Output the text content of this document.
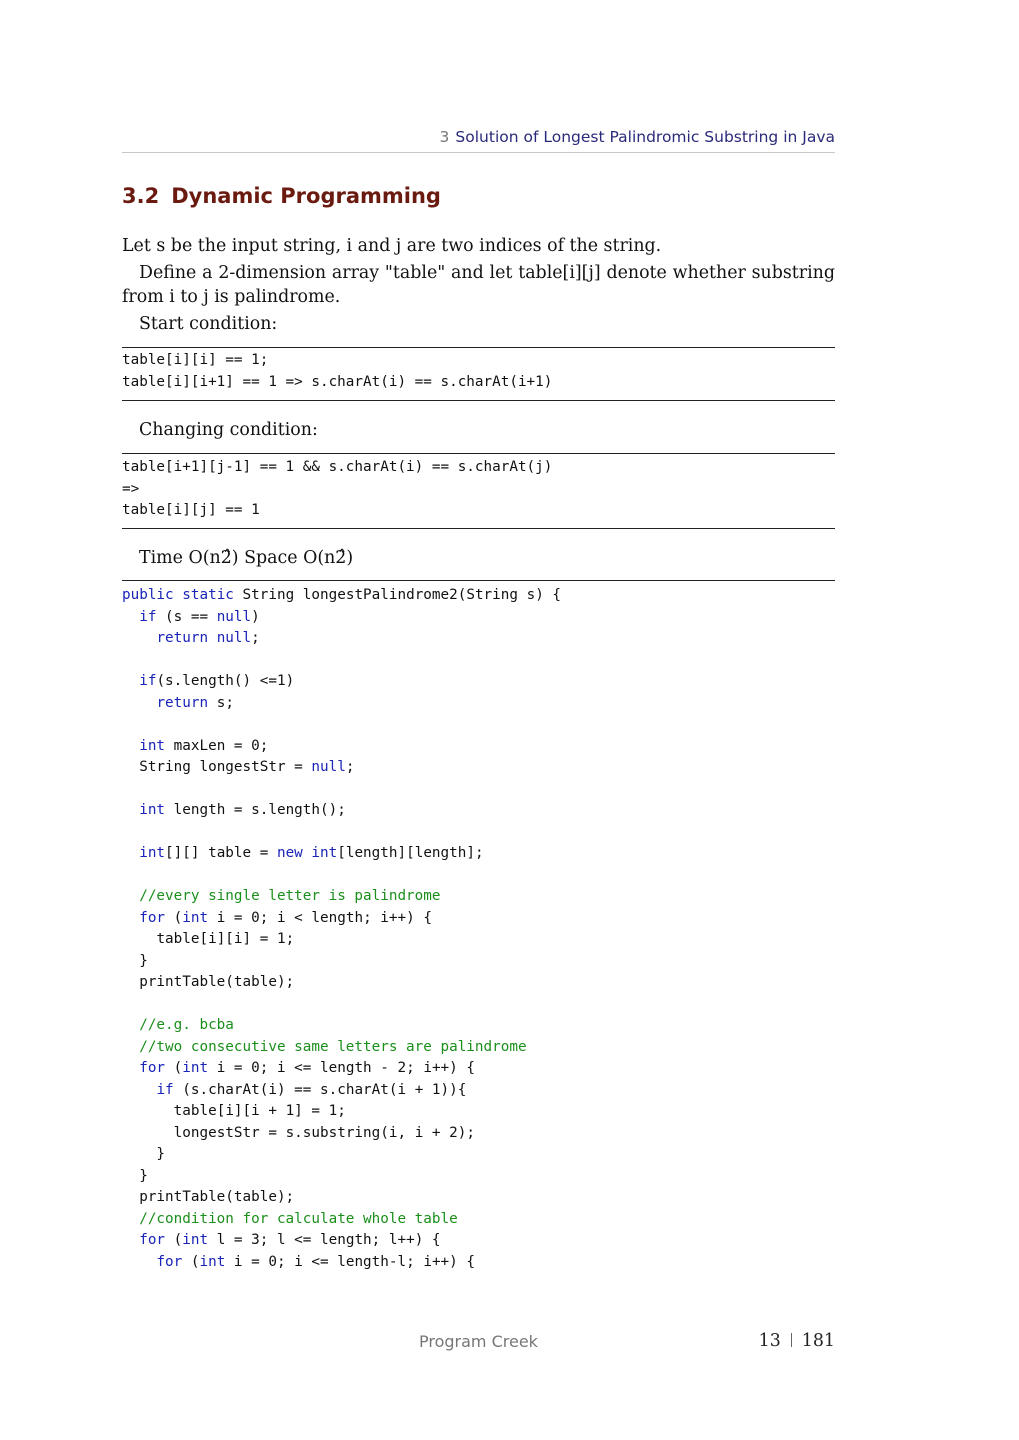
3 Solution of Longest Palindromic Substring in Java
3.2 Dynamic Programming

Let s be the input string, i and j are two indices of the string.

Define a 2-dimension array "table" and let table[i][j] denote whether substring from i to j is palindrome.

Start condition:

table[i][i] == 1;
table[i][i+1] == 1 => s.charAt(i) == s.charAt(i+1)

Changing condition:

table[i+1][j-1] == 1 && s.charAt(i) == s.charAt(j)
=>
table[i][j] == 1

Time O(n2̂) Space O(n2̂)

public static String longestPalindrome2(String s) {
if (s == null)
return null;

if(s.length() <=1)
return s;

int maxLen = 0;
String longestStr = null;

int length = s.length();

int[][] table = new int[length][length];

//every single letter is palindrome
for (int i = 0; i < length; i++) {
table[i][i] = 1;
}
printTable(table);

//e.g. bcba
//two consecutive same letters are palindrome
for (int i = 0; i <= length - 2; i++) {
if (s.charAt(i) == s.charAt(i + 1)){
table[i][i + 1] = 1;
longestStr = s.substring(i, i + 2);
}
}
printTable(table);
//condition for calculate whole table
for (int l = 3; l <= length; l++) {
for (int i = 0; i <= length-l; i++) {
Program Creek	13 181
